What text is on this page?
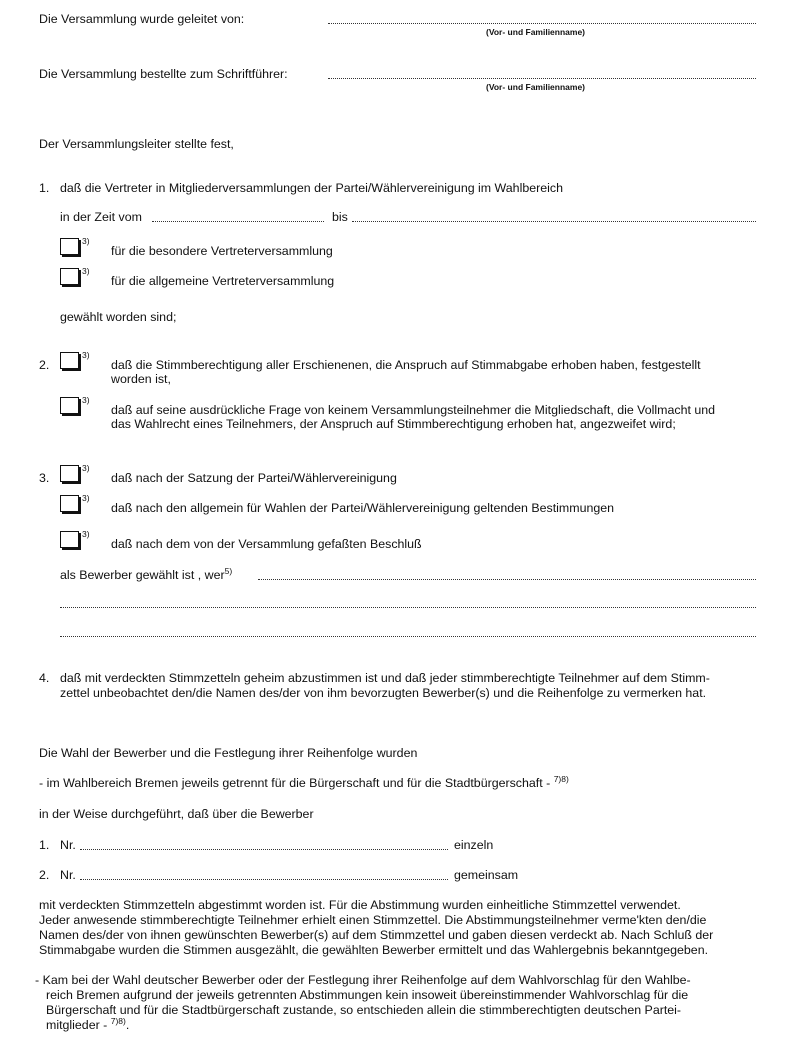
Die Versammlung wurde geleitet von:
(Vor- und Familienname)
Die Versammlung bestellte zum Schriftführer:
(Vor- und Familienname)
Der Versammlungsleiter stellte fest,
1. daß die Vertreter in Mitgliederversammlungen der Partei/Wählervereinigung im Wahlbereich
in der Zeit vom	bis
3)
für die besondere Vertreterversammlung
3)
für die allgemeine Vertreterversammlung
gewählt worden sind;
2.
3)
daß die Stimmberechtigung aller Erschienenen, die Anspruch auf Stimmabgabe erhoben haben, festgestellt
worden ist,
3)
daß auf seine ausdrückliche Frage von keinem Versammlungsteilnehmer die Mitgliedschaft, die Vollmacht und
das Wahlrecht eines Teilnehmers, der Anspruch auf Stimmberechtigung erhoben hat, angezweifet wird;
3.
3)
daß nach der Satzung der Partei/Wählervereinigung
3)
daß nach den allgemein für Wahlen der Partei/Wählervereinigung geltenden Bestimmungen
3)
daß nach dem von der Versammlung gefaßten Beschluß
als Bewerber gewählt ist , wer$^{5)}$
4. daß mit verdeckten Stimmzetteln geheim abzustimmen ist und daß jeder stimmberechtigte Teilnehmer auf dem Stimm-
zettel unbeobachtet den/die Namen des/der von ihm bevorzugten Bewerber(s) und die Reihenfolge zu vermerken hat.
Die Wahl der Bewerber und die Festlegung ihrer Reihenfolge wurden
- im Wahlbereich Bremen jeweils getrennt für die Bürgerschaft und für die Stadtbürgerschaft - $^{7)8)}$
in der Weise durchgeführt, daß über die Bewerber
1. Nr.	einzeln
2. Nr.	gemeinsam
mit verdeckten Stimmzetteln abgestimmt worden ist. Für die Abstimmung wurden einheitliche Stimmzettel verwendet.
Jeder anwesende stimmberechtigte Teilnehmer erhielt einen Stimmzettel. Die Abstimmungsteilnehmer verme'kten den/die
Namen des/der von ihnen gewünschten Bewerber(s) auf dem Stimmzettel und gaben diesen verdeckt ab. Nach Schluß der
Stimmabgabe wurden die Stimmen ausgezählt, die gewählten Bewerber ermittelt und das Wahlergebnis bekanntgegeben.
- Kam bei der Wahl deutscher Bewerber oder der Festlegung ihrer Reihenfolge auf dem Wahlvorschlag für den Wahlbe-
reich Bremen aufgrund der jeweils getrennten Abstimmungen kein insoweit übereinstimmender Wahlvorschlag für die
Bürgerschaft und für die Stadtbürgerschaft zustande, so entschieden allein die stimmberechtigten deutschen Partei-
mitglieder - $^{7)8)}$.
